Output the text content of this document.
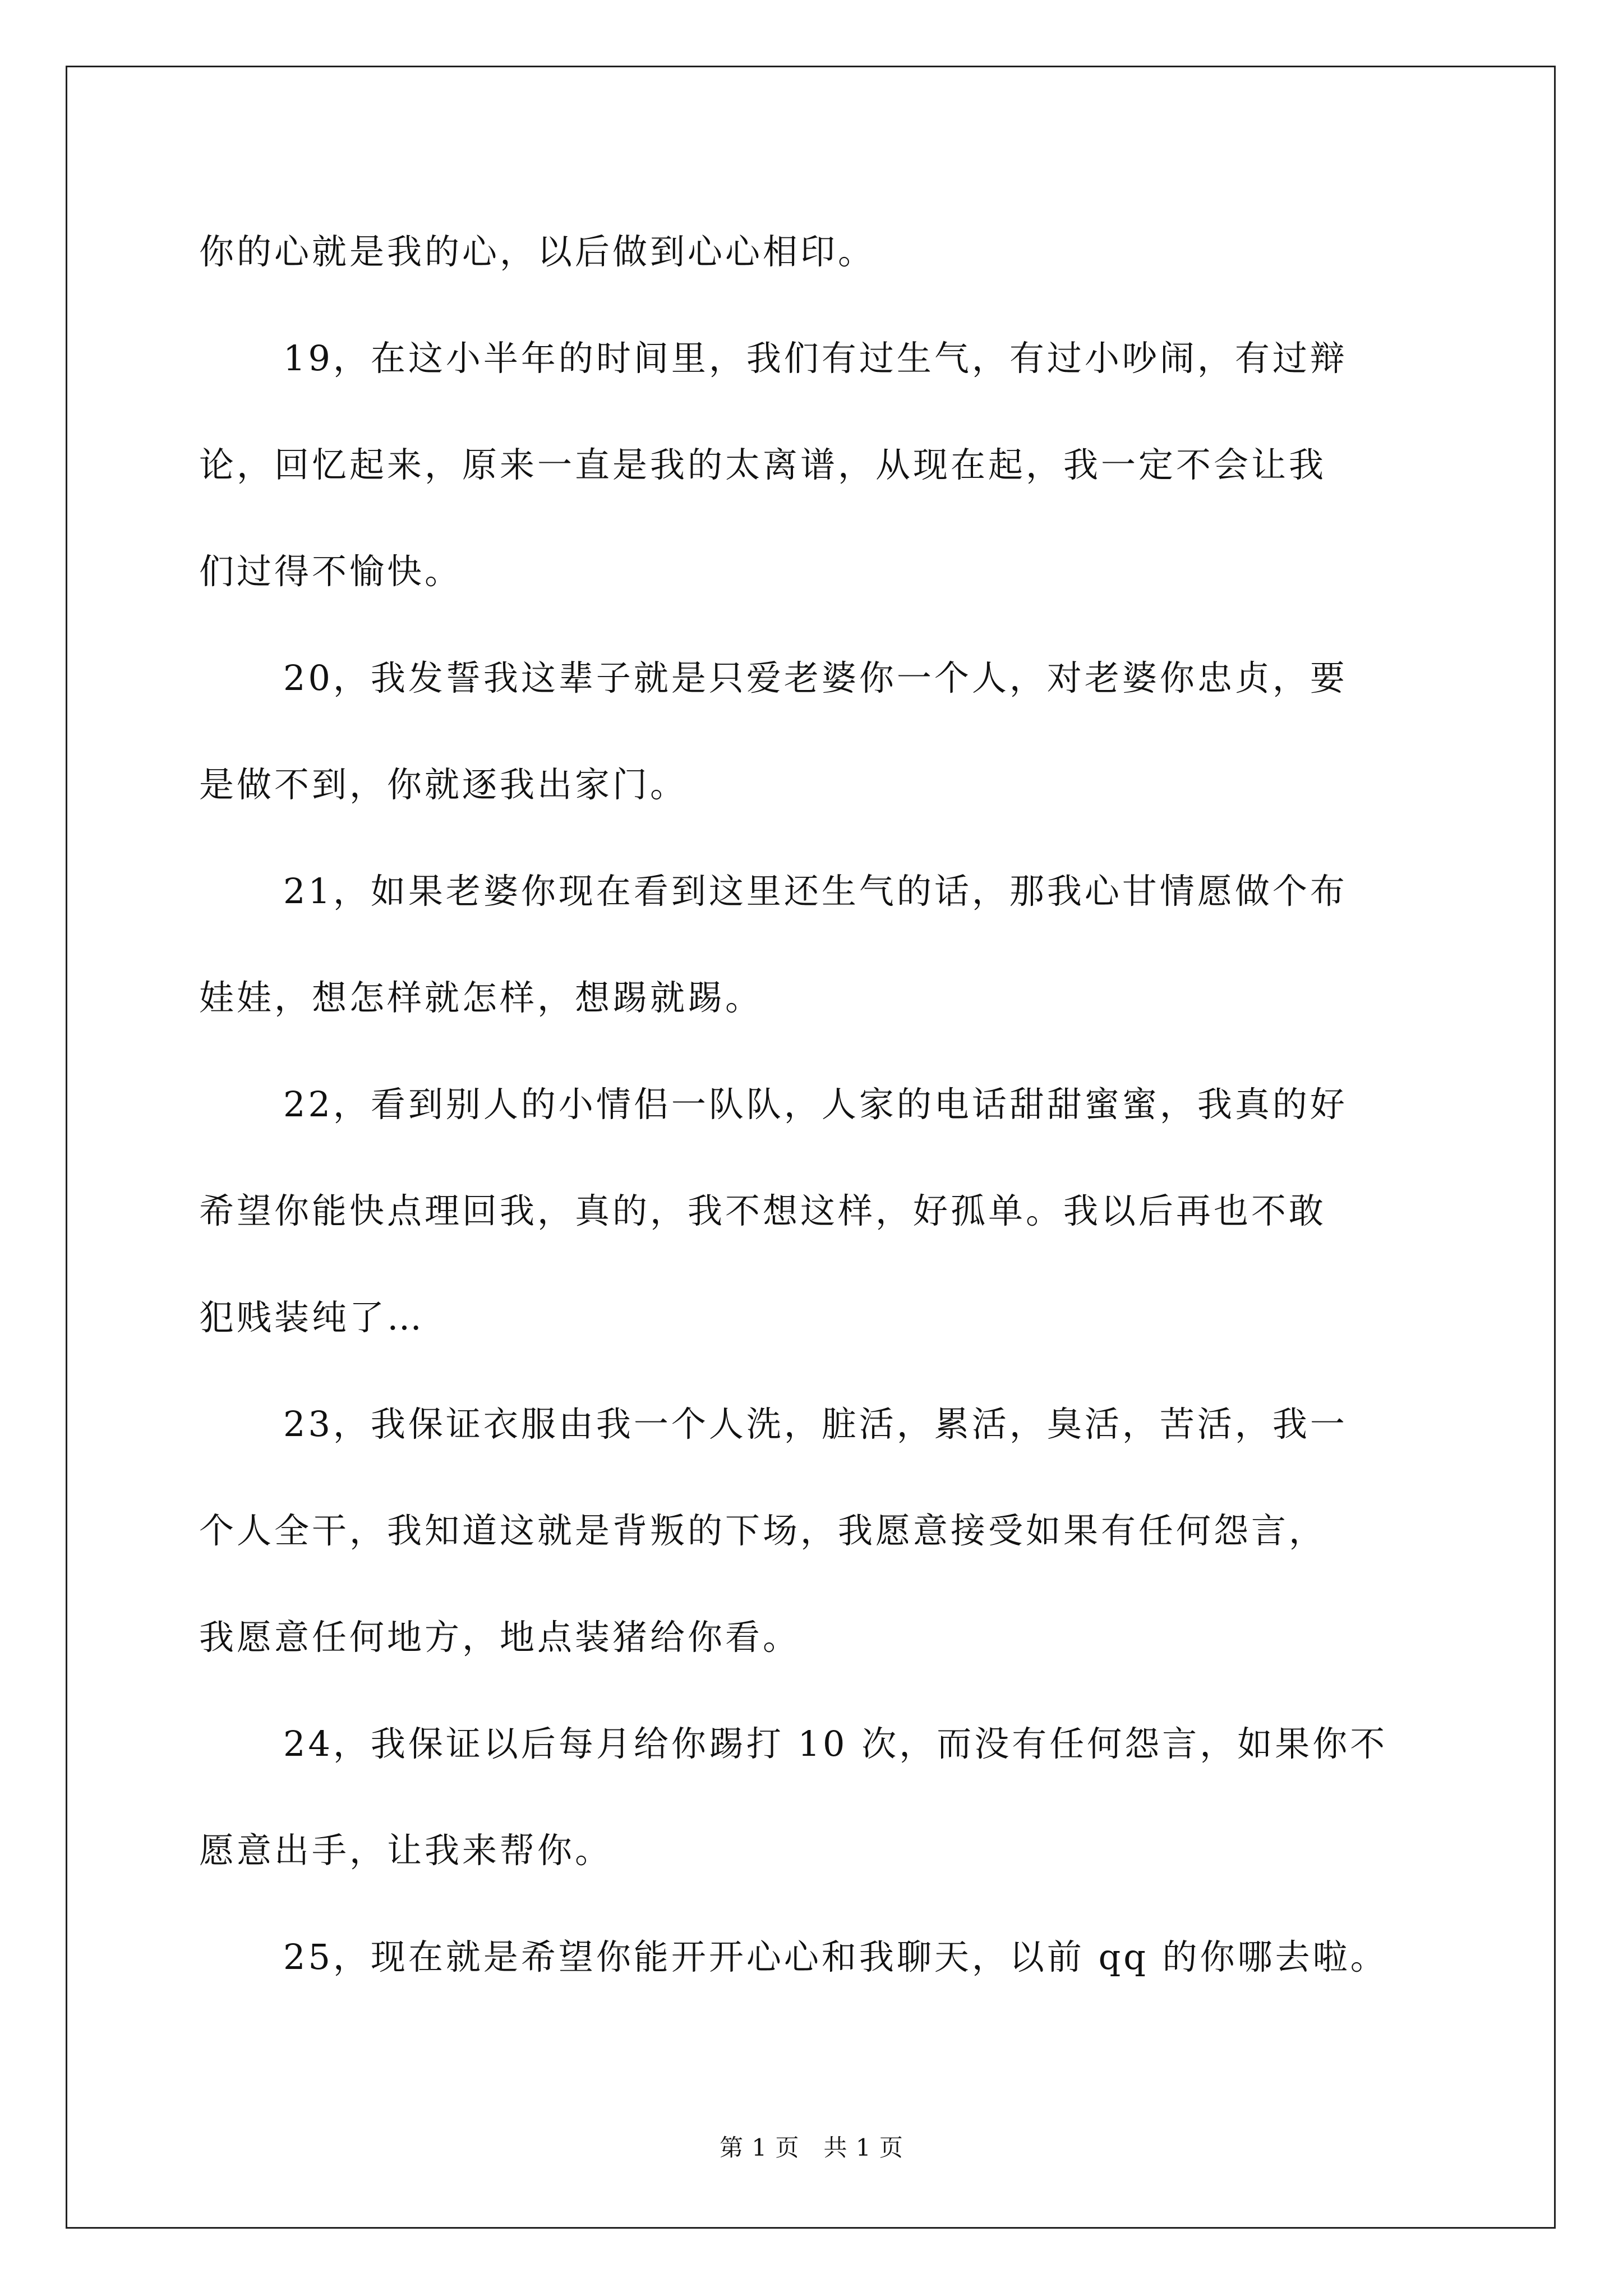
你的心就是我的心，以后做到心心相印。
19，在这小半年的时间里，我们有过生气，有过小吵闹，有过辩
论，回忆起来，原来一直是我的太离谱，从现在起，我一定不会让我
们过得不愉快。
20，我发誓我这辈子就是只爱老婆你一个人，对老婆你忠贞，要
是做不到，你就逐我出家门。
21，如果老婆你现在看到这里还生气的话，那我心甘情愿做个布
娃娃，想怎样就怎样，想踢就踢。
22，看到别人的小情侣一队队，人家的电话甜甜蜜蜜，我真的好
希望你能快点理回我，真的，我不想这样，好孤单。我以后再也不敢
犯贱装纯了…
23，我保证衣服由我一个人洗，脏活，累活，臭活，苦活，我一
个人全干，我知道这就是背叛的下场，我愿意接受如果有任何怨言，
我愿意任何地方，地点装猪给你看。
24，我保证以后每月给你踢打 10 次，而没有任何怨言，如果你不
愿意出手，让我来帮你。
25，现在就是希望你能开开心心和我聊天，以前 qq 的你哪去啦。
第 1 页　共 1 页
